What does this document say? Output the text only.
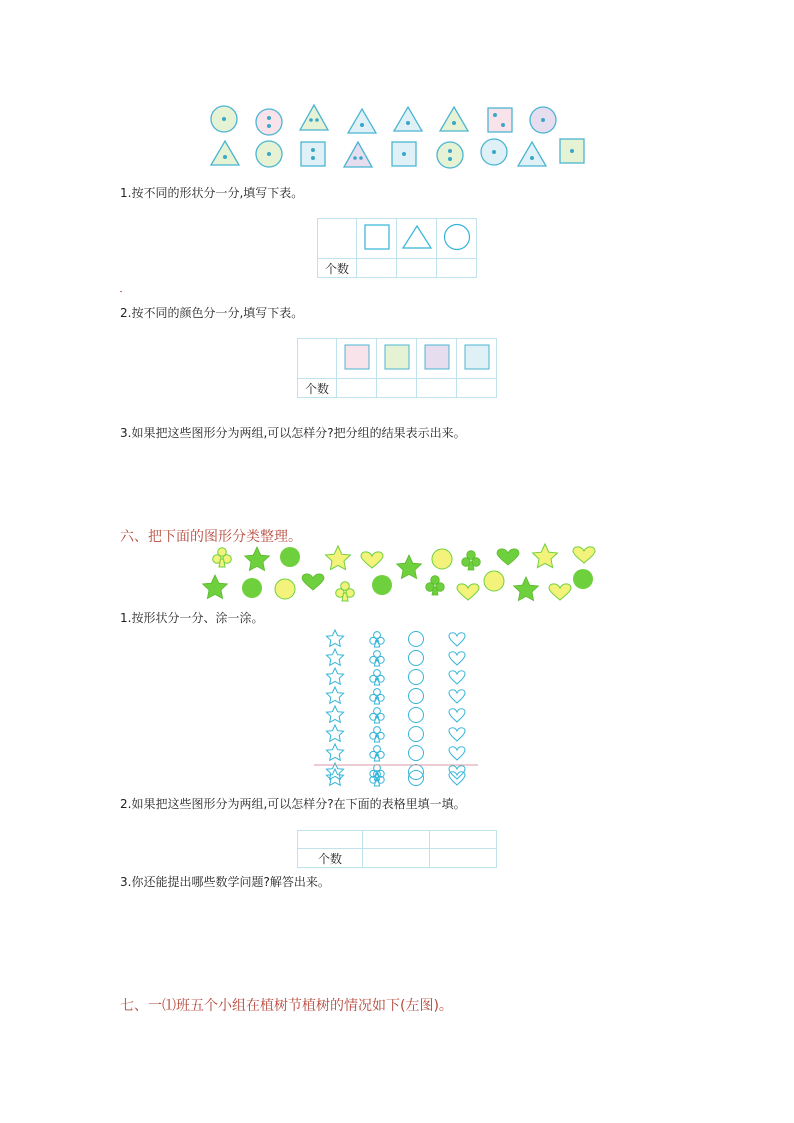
1.按不同的形状分一分,填写下表。

个数			
2.按不同的颜色分一分,填写下表。

个数				
3.如果把这些图形分为两组,可以怎样分?把分组的结果表示出来。
六、把下面的图形分类整理。
1.按形状分一分、涂一涂。
2.如果把这些图形分为两组,可以怎样分?在下面的表格里填一填。

个数		
3.你还能提出哪些数学问题?解答出来。
七、一⑴班五个小组在植树节植树的情况如下(左图)。
